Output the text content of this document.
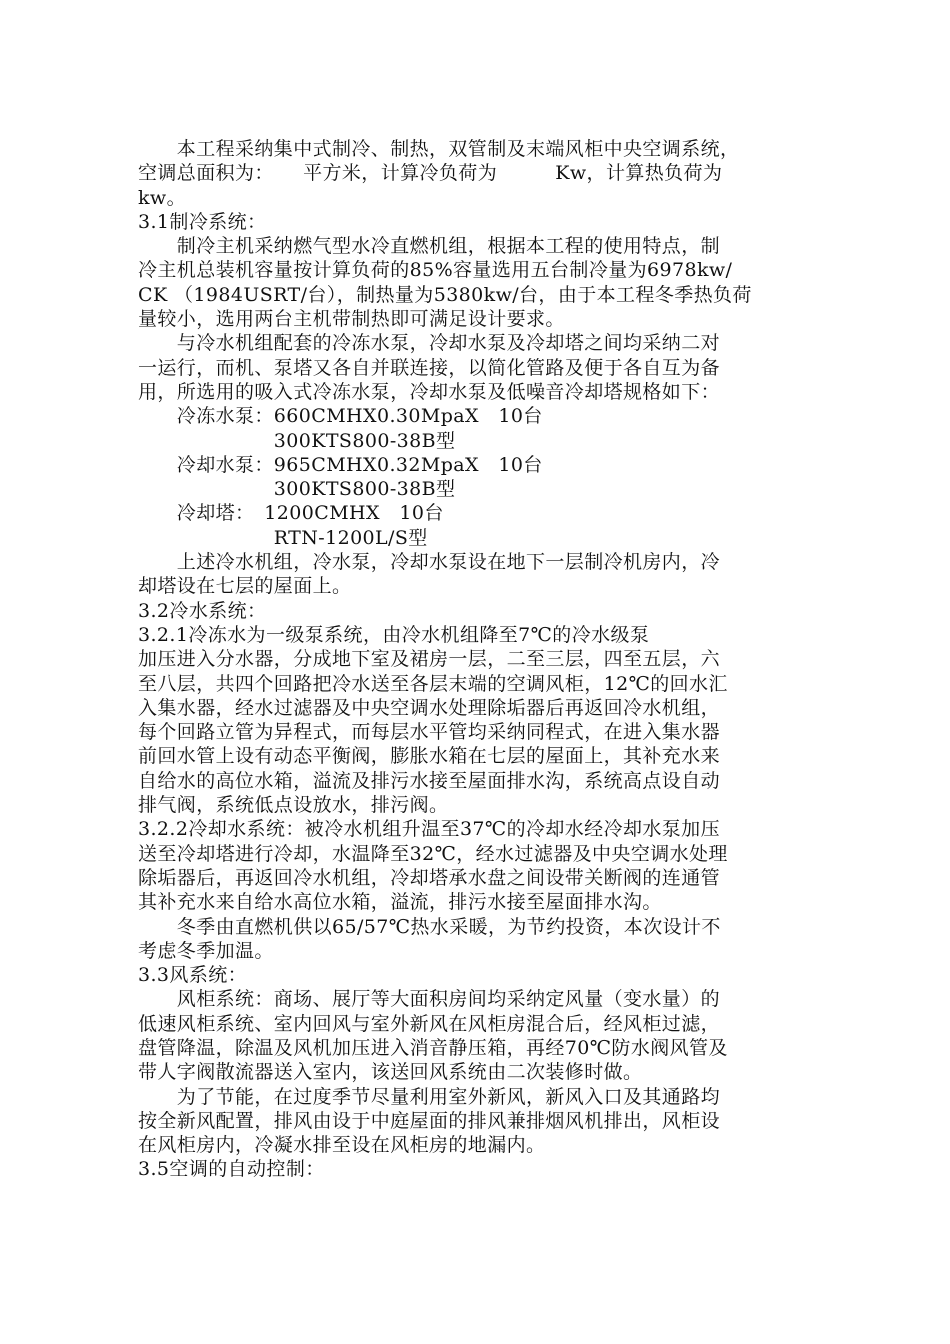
　　本工程采纳集中式制冷、制热，双管制及末端风柜中央空调系统，
空调总面积为：　　平方米，计算冷负荷为　　　Kw，计算热负荷为
kw。
3.1制冷系统：
　　制冷主机采纳燃气型水冷直燃机组，根据本工程的使用特点，制
冷主机总装机容量按计算负荷的85%容量选用五台制冷量为6978kw/
CK （1984USRT/台），制热量为5380kw/台，由于本工程冬季热负荷
量较小，选用两台主机带制热即可满足设计要求。
　　与冷水机组配套的冷冻水泵，冷却水泵及冷却塔之间均采纳二对
一运行，而机、泵塔又各自并联连接，以简化管路及便于各自互为备
用，所选用的吸入式冷冻水泵，冷却水泵及低噪音冷却塔规格如下：
　　冷冻水泵：660CMHX0.30MpaX　10台
　　　　　　　300KTS800-38B型
　　冷却水泵：965CMHX0.32MpaX　10台
　　　　　　　300KTS800-38B型
　　冷却塔：　1200CMHX　10台
　　　　　　　RTN-1200L/S型
　　上述冷水机组，冷水泵，冷却水泵设在地下一层制冷机房内，冷
却塔设在七层的屋面上。
3.2冷水系统：
3.2.1冷冻水为一级泵系统，由冷水机组降至7℃的冷水级泵
加压进入分水器，分成地下室及裙房一层，二至三层，四至五层，六
至八层，共四个回路把冷水送至各层末端的空调风柜，12℃的回水汇
入集水器，经水过滤器及中央空调水处理除垢器后再返回冷水机组，
每个回路立管为异程式，而每层水平管均采纳同程式，在进入集水器
前回水管上设有动态平衡阀，膨胀水箱在七层的屋面上，其补充水来
自给水的高位水箱，溢流及排污水接至屋面排水沟，系统高点设自动
排气阀，系统低点设放水，排污阀。
3.2.2冷却水系统：被冷水机组升温至37℃的冷却水经冷却水泵加压
送至冷却塔进行冷却，水温降至32℃，经水过滤器及中央空调水处理
除垢器后，再返回冷水机组，冷却塔承水盘之间设带关断阀的连通管
其补充水来自给水高位水箱，溢流，排污水接至屋面排水沟。
　　冬季由直燃机供以65/57℃热水采暖，为节约投资，本次设计不
考虑冬季加温。
3.3风系统：
　　风柜系统：商场、展厅等大面积房间均采纳定风量（变水量）的
低速风柜系统、室内回风与室外新风在风柜房混合后，经风柜过滤，
盘管降温，除温及风机加压进入消音静压箱，再经70℃防水阀风管及
带人字阀散流器送入室内，该送回风系统由二次装修时做。
　　为了节能，在过度季节尽量利用室外新风，新风入口及其通路均
按全新风配置，排风由设于中庭屋面的排风兼排烟风机排出，风柜设
在风柜房内，冷凝水排至设在风柜房的地漏内。
3.5空调的自动控制：
